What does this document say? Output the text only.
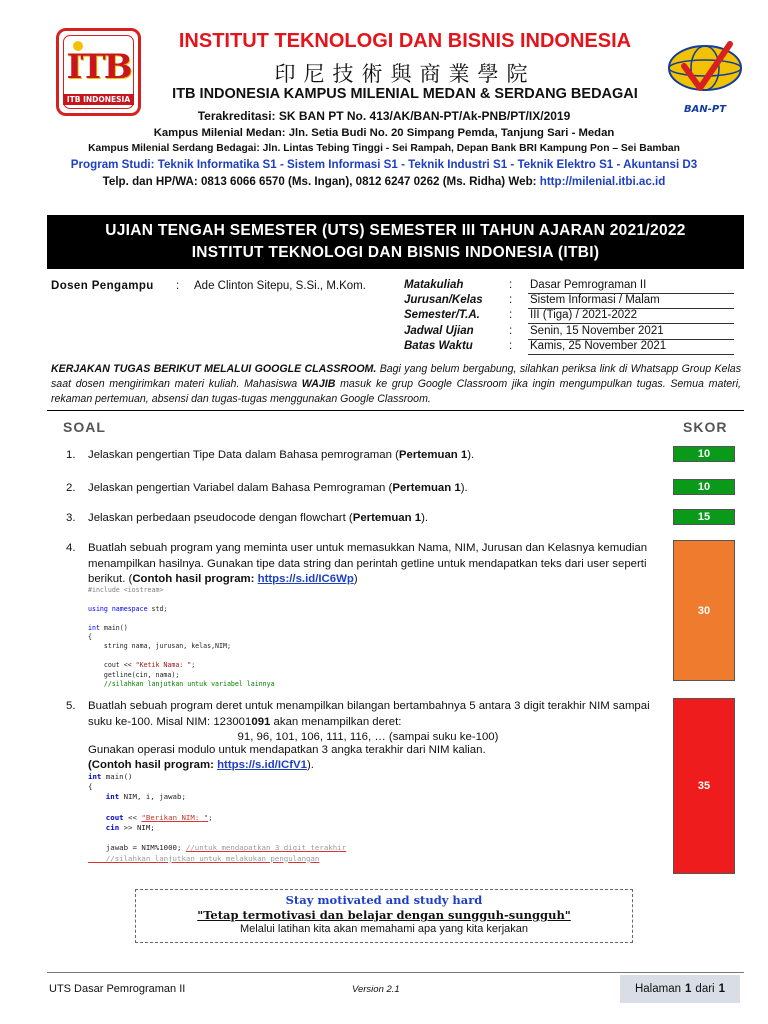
ITB
ITB INDONESIA
BAN-PT
INSTITUT TEKNOLOGI DAN BISNIS INDONESIA
印尼技術與商業學院
ITB INDONESIA KAMPUS MILENIAL MEDAN & SERDANG BEDAGAI
Terakreditasi: SK BAN PT No. 413/AK/BAN-PT/Ak-PNB/PT/IX/2019
Kampus Milenial Medan: Jln. Setia Budi No. 20 Simpang Pemda, Tanjung Sari - Medan
Kampus Milenial Serdang Bedagai: Jln. Lintas Tebing Tinggi - Sei Rampah, Depan Bank BRI Kampung Pon – Sei Bamban
Program Studi: Teknik Informatika S1 - Sistem Informasi S1 - Teknik Industri S1 - Teknik Elektro S1 - Akuntansi D3
Telp. dan HP/WA: 0813 6066 6570 (Ms. Ingan), 0812 6247 0262 (Ms. Ridha) Web: http://milenial.itbi.ac.id
UJIAN TENGAH SEMESTER (UTS) SEMESTER III TAHUN AJARAN 2021/2022
INSTITUT TEKNOLOGI DAN BISNIS INDONESIA (ITBI)
Dosen Pengampu : Ade Clinton Sitepu, S.Si., M.Kom.	Matakuliah	: Dasar Pemrograman II
Jurusan/Kelas : Sistem Informasi / Malam
Semester/T.A.	: III (Tiga) / 2021-2022
Jadwal Ujian	: Senin, 15 November 2021
Batas Waktu	: Kamis, 25 November 2021
KERJAKAN TUGAS BERIKUT MELALUI GOOGLE CLASSROOM. Bagi yang belum bergabung, silahkan periksa link di Whatsapp Group Kelas saat dosen mengirimkan materi kuliah. Mahasiswa WAJIB masuk ke grup Google Classroom jika ingin mengumpulkan tugas. Semua materi, rekaman pertemuan, absensi dan tugas-tugas menggunakan Google Classroom.
SOAL	SKOR
1. Jelaskan pengertian Tipe Data dalam Bahasa pemrograman (Pertemuan 1).	10
2. Jelaskan pengertian Variabel dalam Bahasa Pemrograman (Pertemuan 1).	10
3. Jelaskan perbedaan pseudocode dengan flowchart (Pertemuan 1).	15
4. Buatlah sebuah program yang meminta user untuk memasukkan Nama, NIM, Jurusan dan Kelasnya kemudian menampilkan hasilnya. Gunakan tipe data string dan perintah getline untuk mendapatkan teks dari user seperti berikut. (Contoh hasil program: https://s.id/IC6Wp)
#include <iostream>

using namespace std;

int main()
{
string nama, jurusan, kelas,NIM;

cout << "Ketik Nama: ";
getline(cin, nama);
//silahkan lanjutkan untuk variabel lainnya
30
5. Buatlah sebuah program deret untuk menampilkan bilangan bertambahnya 5 antara 3 digit terakhir NIM sampai suku ke-100. Misal NIM: 123001091 akan menampilkan deret:
91, 96, 101, 106, 111, 116, … (sampai suku ke-100)
Gunakan operasi modulo untuk mendapatkan 3 angka terakhir dari NIM kalian.
(Contoh hasil program: https://s.id/ICfV1).
int main()
{
int NIM, i, jawab;

cout << "Berikan NIM: ";
cin >> NIM;

jawab = NIM%1000; //untuk mendapatkan 3 digit terakhir
//silahkan lanjutkan untuk melakukan pengulangan
35
Stay motivated and study hard
"Tetap termotivasi dan belajar dengan sungguh-sungguh"
Melalui latihan kita akan memahami apa yang kita kerjakan
UTS Dasar Pemrograman II	Version 2.1	Halaman 1 dari 1
